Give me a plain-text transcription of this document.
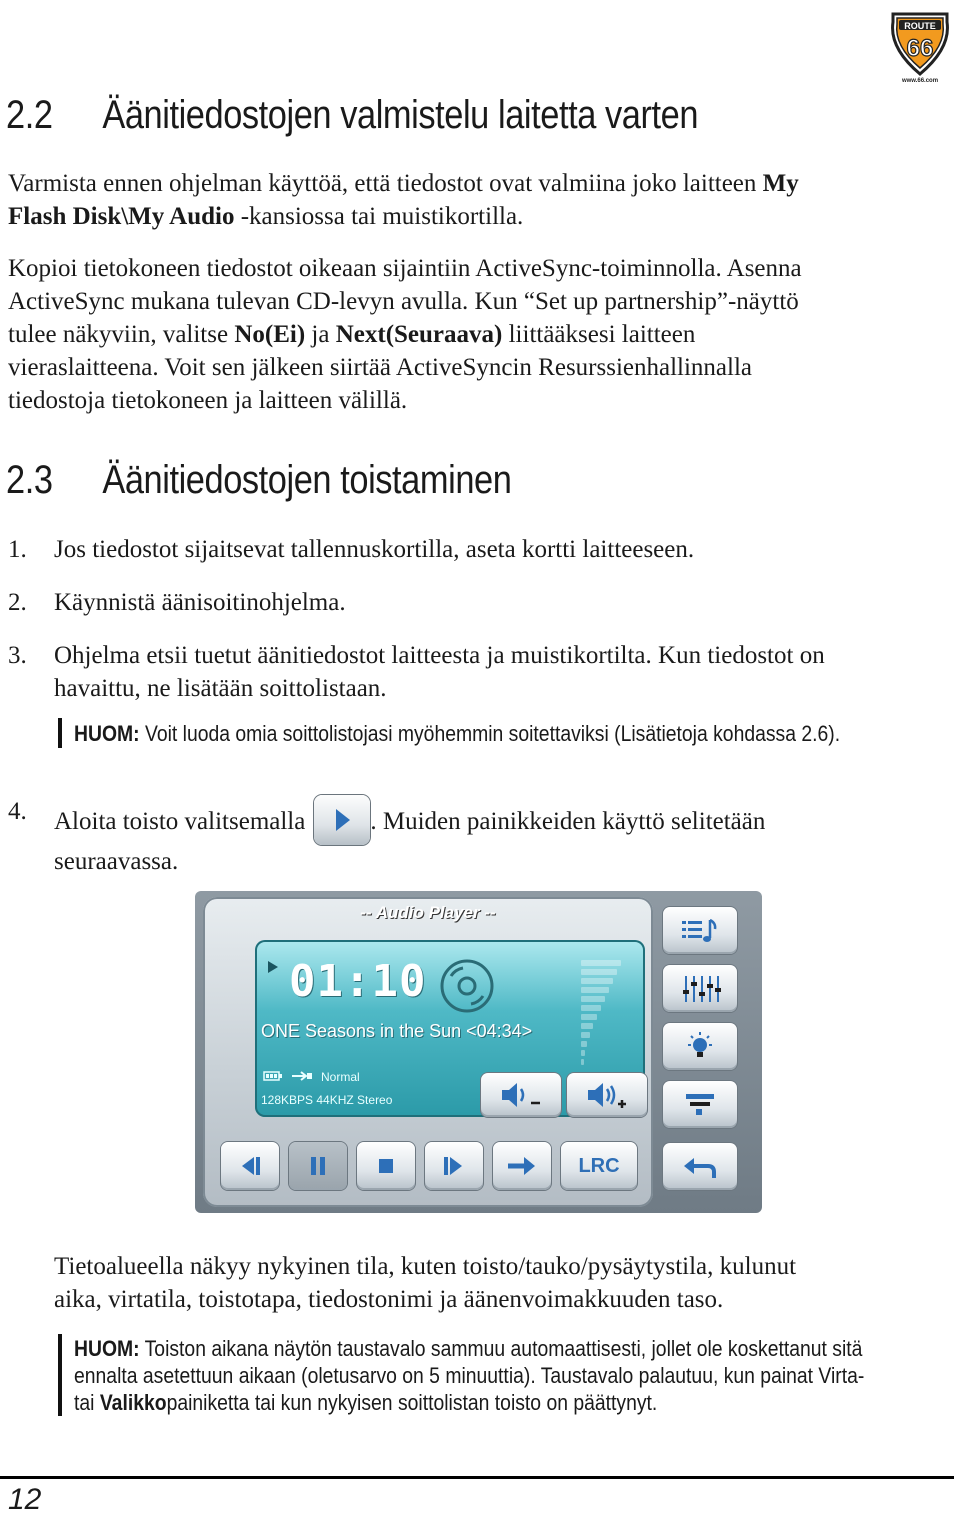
ROUTE
66
www.66.com
2.2 Äänitiedostojen valmistelu laitetta varten

Varmista ennen ohjelman käyttöä, että tiedostot ovat valmiina joko laitteen My
Flash Disk\My Audio -kansiossa tai muistikortilla.

Kopioi tietokoneen tiedostot oikeaan sijaintiin ActiveSync-toiminnolla. Asenna
ActiveSync mukana tulevan CD-levyn avulla. Kun “Set up partnership”-näyttö
tulee näkyviin, valitse No(Ei) ja Next(Seuraava) liittääksesi laitteen
vieraslaitteena. Voit sen jälkeen siirtää ActiveSyncin Resurssienhallinnalla
tiedostoja tietokoneen ja laitteen välillä.

2.3 Äänitiedostojen toistaminen
1. Jos tiedostot sijaitsevat tallennuskortilla, aseta kortti laitteeseen.
2. Käynnistä äänisoitinohjelma.
3. Ohjelma etsii tuetut äänitiedostot laitteesta ja muistikortilta. Kun tiedostot on
havaittu, ne lisätään soittolistaan.
HUOM: Voit luoda omia soittolistojasi myöhemmin soitettaviksi (Lisätietoja kohdassa 2.6).
4. Aloita toisto valitsemalla	. Muiden painikkeiden käyttö selitetään
seuraavassa.
-- Audio Player --
01:10
ONE Seasons in the Sun <04:34>
Normal
128KBPS 44KHZ Stereo
LRC

Tietoalueella näkyy nykyinen tila, kuten toisto/tauko/pysäytystila, kulunut
aika, virtatila, toistotapa, tiedostonimi ja äänenvoimakkuuden taso.

HUOM: Toiston aikana näytön taustavalo sammuu automaattisesti, jollet ole koskettanut sitä
ennalta asetettuun aikaan (oletusarvo on 5 minuuttia). Taustavalo palautuu, kun painat Virta-
tai Valikkopainiketta tai kun nykyisen soittolistan toisto on päättynyt.
12
